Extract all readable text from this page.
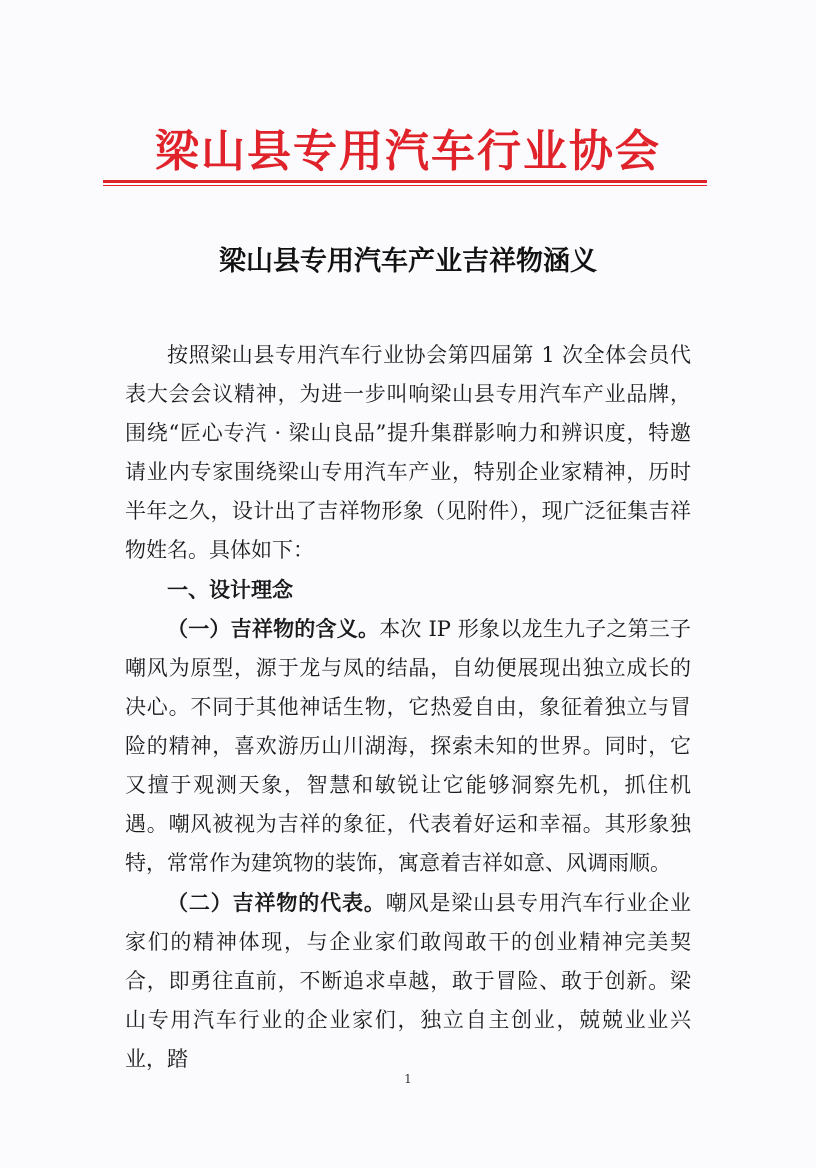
梁山县专用汽车行业协会
梁山县专用汽车产业吉祥物涵义

按照梁山县专用汽车行业协会第四届第 1 次全体会员代表大会会议精神，为进一步叫响梁山县专用汽车产业品牌，围绕“匠心专汽 · 梁山良品”提升集群影响力和辨识度，特邀请业内专家围绕梁山专用汽车产业，特别企业家精神，历时半年之久，设计出了吉祥物形象（见附件），现广泛征集吉祥物姓名。具体如下：

一、设计理念

（一）吉祥物的含义。本次 IP 形象以龙生九子之第三子嘲风为原型，源于龙与凤的结晶，自幼便展现出独立成长的决心。不同于其他神话生物，它热爱自由，象征着独立与冒险的精神，喜欢游历山川湖海，探索未知的世界。同时，它又擅于观测天象，智慧和敏锐让它能够洞察先机，抓住机遇。嘲风被视为吉祥的象征，代表着好运和幸福。其形象独特，常常作为建筑物的装饰，寓意着吉祥如意、风调雨顺。

（二）吉祥物的代表。嘲风是梁山县专用汽车行业企业家们的精神体现，与企业家们敢闯敢干的创业精神完美契合，即勇往直前，不断追求卓越，敢于冒险、敢于创新。梁山专用汽车行业的企业家们，独立自主创业，兢兢业业兴业，踏

1
